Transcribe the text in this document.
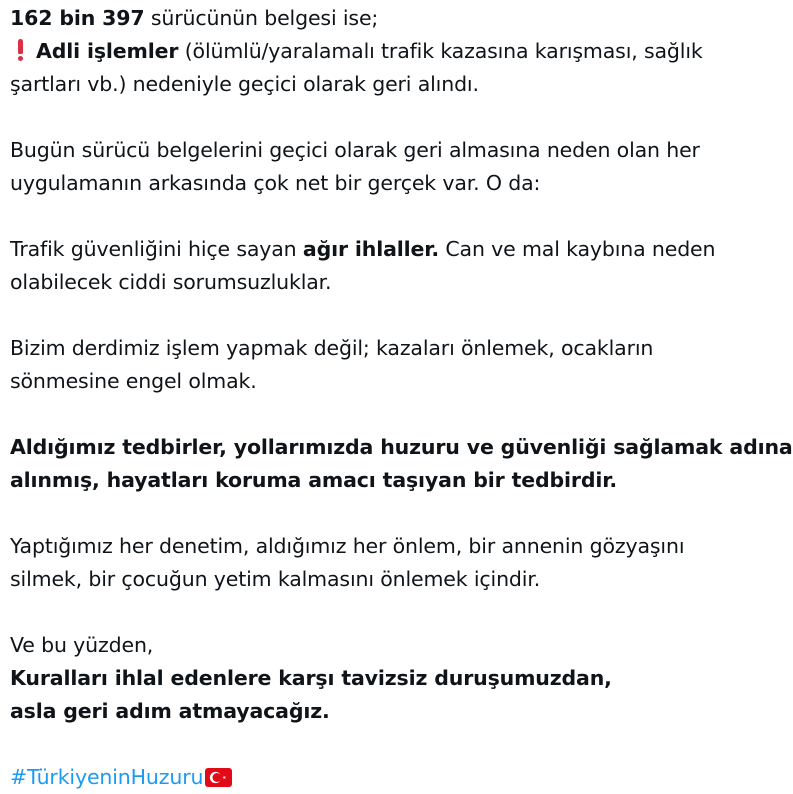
162 bin 397 sürücünün belgesi ise;
Adli işlemler (ölümlü/yaralamalı trafik kazasına karışması, sağlık
şartları vb.) nedeniyle geçici olarak geri alındı.
Bugün sürücü belgelerini geçici olarak geri almasına neden olan her
uygulamanın arkasında çok net bir gerçek var. O da:
Trafik güvenliğini hiçe sayan ağır ihlaller. Can ve mal kaybına neden
olabilecek ciddi sorumsuzluklar.
Bizim derdimiz işlem yapmak değil; kazaları önlemek, ocakların
sönmesine engel olmak.
Aldığımız tedbirler, yollarımızda huzuru ve güvenliği sağlamak adına
alınmış, hayatları koruma amacı taşıyan bir tedbirdir.
Yaptığımız her denetim, aldığımız her önlem, bir annenin gözyaşını
silmek, bir çocuğun yetim kalmasını önlemek içindir.
Ve bu yüzden,
Kuralları ihlal edenlere karşı tavizsiz duruşumuzdan,
asla geri adım atmayacağız.
#TürkiyeninHuzuru
